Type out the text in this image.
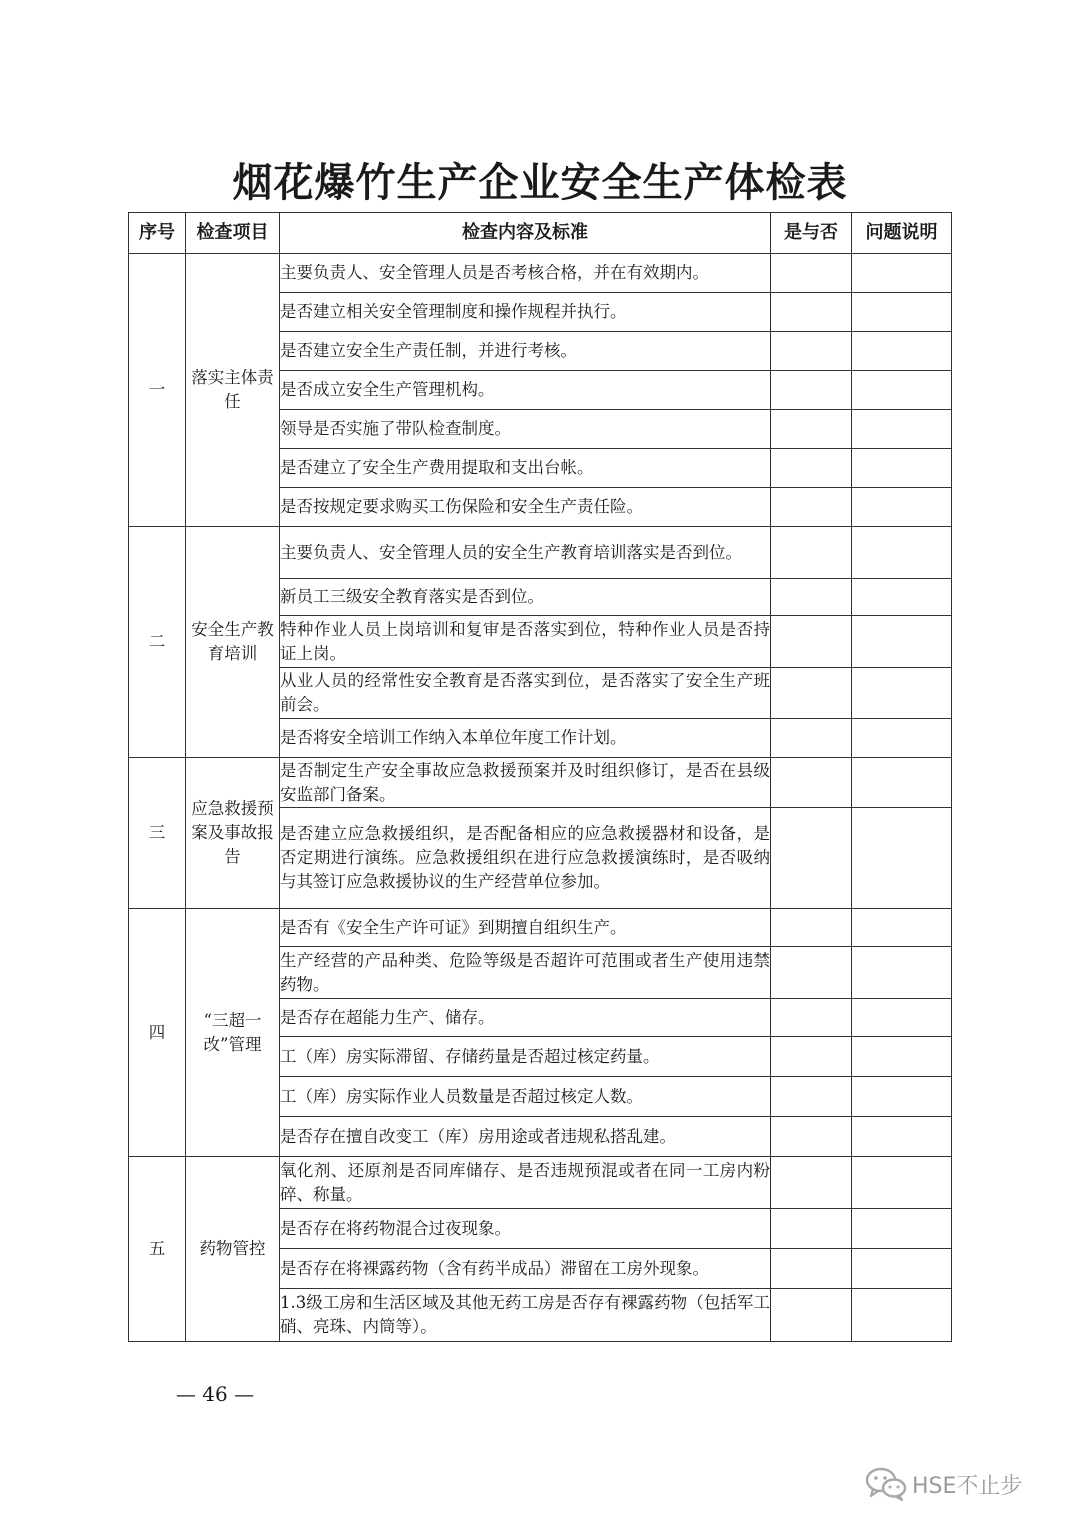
烟花爆竹生产企业安全生产体检表
序号	检查项目	检查内容及标准	是与否	问题说明
一	落实主体责任	主要负责人、安全管理人员是否考核合格，并在有效期内。		
		是否建立相关安全管理制度和操作规程并执行。		
		是否建立安全生产责任制，并进行考核。		
		是否成立安全生产管理机构。		
		领导是否实施了带队检查制度。		
		是否建立了安全生产费用提取和支出台帐。		
		是否按规定要求购买工伤保险和安全生产责任险。		
二	安全生产教育培训	主要负责人、安全管理人员的安全生产教育培训落实是否到位。		
		新员工三级安全教育落实是否到位。		
		特种作业人员上岗培训和复审是否落实到位，特种作业人员是否持证上岗。		
		从业人员的经常性安全教育是否落实到位，是否落实了安全生产班前会。		
		是否将安全培训工作纳入本单位年度工作计划。		
三	应急救援预案及事故报告	是否制定生产安全事故应急救援预案并及时组织修订，是否在县级安监部门备案。		
		是否建立应急救援组织，是否配备相应的应急救援器材和设备，是否定期进行演练。应急救援组织在进行应急救援演练时，是否吸纳与其签订应急救援协议的生产经营单位参加。		
四	“三超一改”管理	是否有《安全生产许可证》到期擅自组织生产。		
		生产经营的产品种类、危险等级是否超许可范围或者生产使用违禁药物。		
		是否存在超能力生产、储存。		
		工（库）房实际滞留、存储药量是否超过核定药量。		
		工（库）房实际作业人员数量是否超过核定人数。		
		是否存在擅自改变工（库）房用途或者违规私搭乱建。		
五	药物管控	氧化剂、还原剂是否同库储存、是否违规预混或者在同一工房内粉碎、称量。		
		是否存在将药物混合过夜现象。		
		是否存在将裸露药物（含有药半成品）滞留在工房外现象。		
		1.3级工房和生活区域及其他无药工房是否存有裸露药物（包括军工硝、亮珠、内筒等）。		
— 46 —
HSE不止步
